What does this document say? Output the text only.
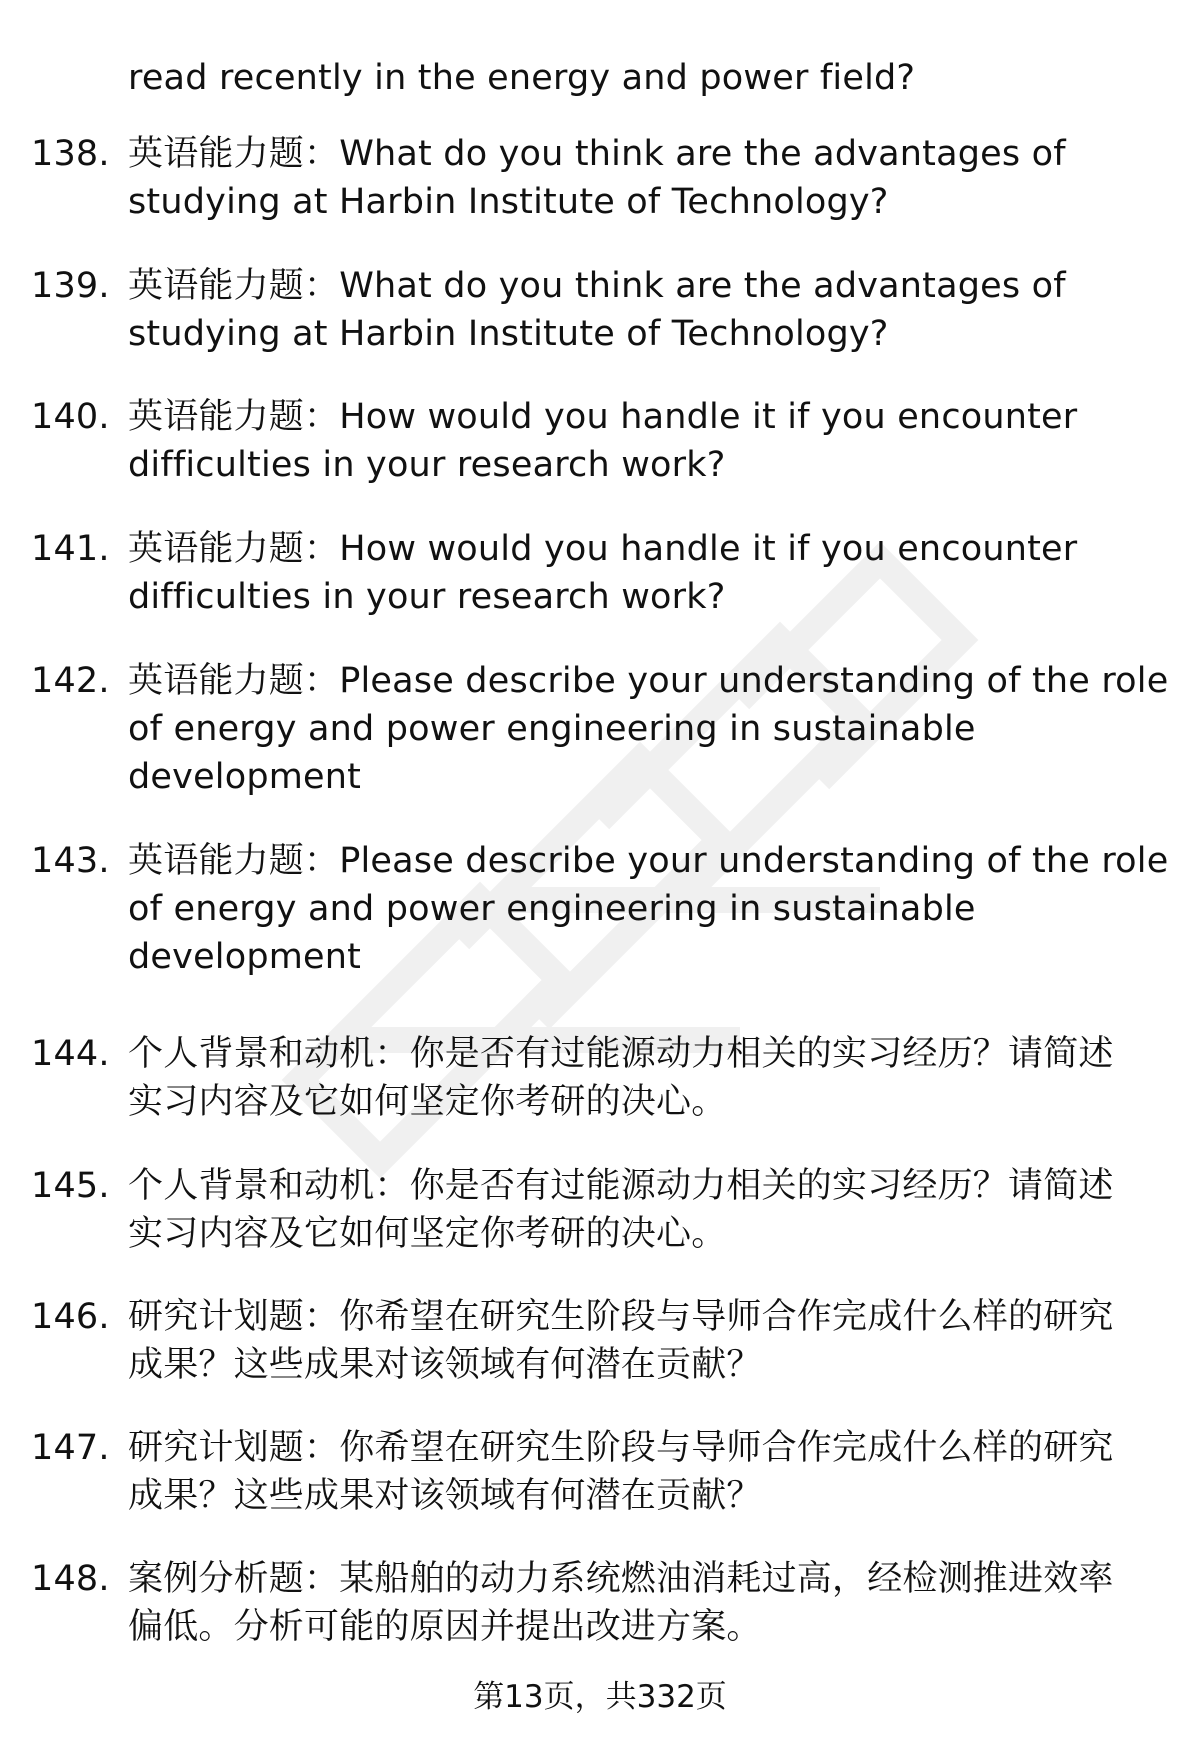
read recently in the energy and power field?
138. 英语能力题：What do you think are the advantages of
studying at Harbin Institute of Technology?
139. 英语能力题：What do you think are the advantages of
studying at Harbin Institute of Technology?
140. 英语能力题：How would you handle it if you encounter
difficulties in your research work?
141. 英语能力题：How would you handle it if you encounter
difficulties in your research work?
142. 英语能力题：Please describe your understanding of the role
of energy and power engineering in sustainable
development
143. 英语能力题：Please describe your understanding of the role
of energy and power engineering in sustainable
development
144. 个人背景和动机：你是否有过能源动力相关的实习经历？请简述
实习内容及它如何坚定你考研的决心。
145. 个人背景和动机：你是否有过能源动力相关的实习经历？请简述
实习内容及它如何坚定你考研的决心。
146. 研究计划题：你希望在研究生阶段与导师合作完成什么样的研究
成果？这些成果对该领域有何潜在贡献？
147. 研究计划题：你希望在研究生阶段与导师合作完成什么样的研究
成果？这些成果对该领域有何潜在贡献？
148. 案例分析题：某船舶的动力系统燃油消耗过高，经检测推进效率
偏低。分析可能的原因并提出改进方案。
第13页，共332页
